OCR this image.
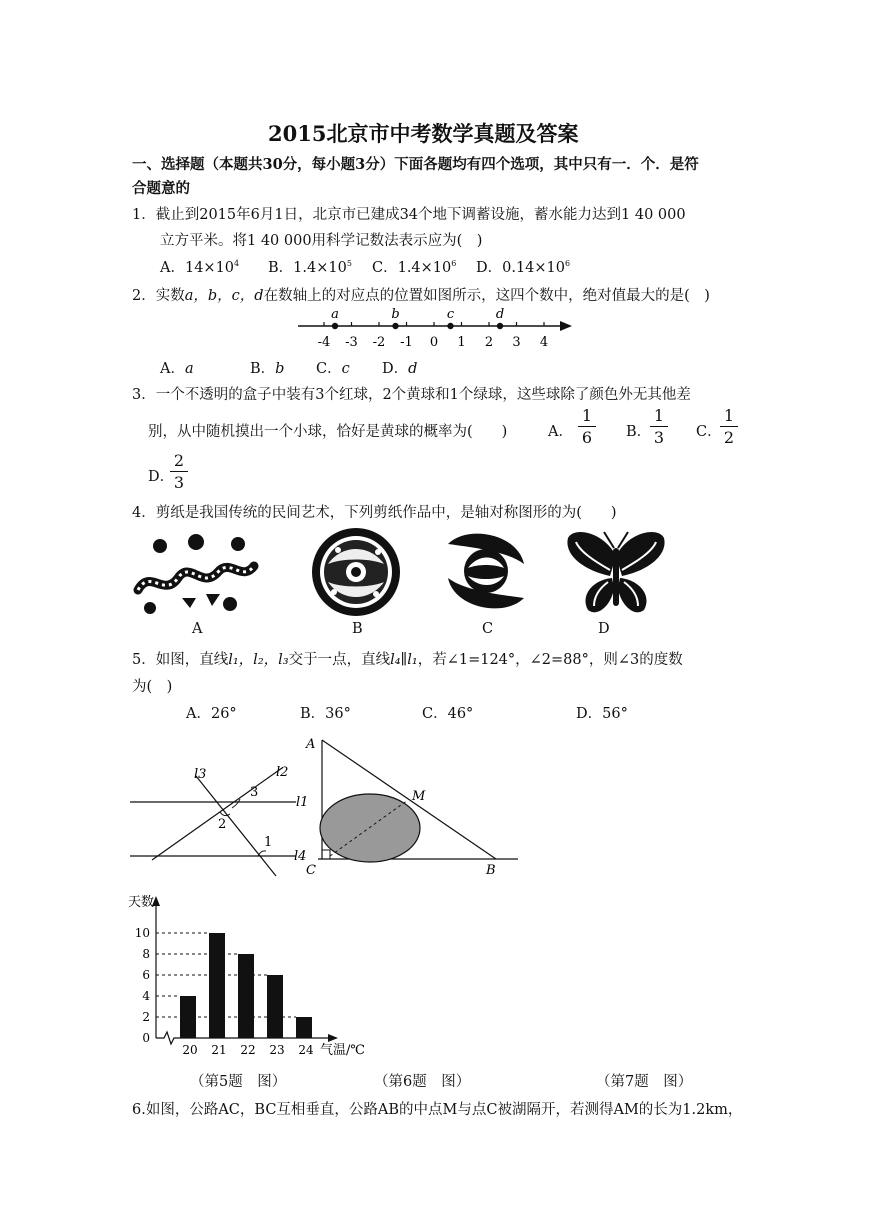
2015北京市中考数学真题及答案
一、选择题（本题共30分，每小题3分）下面各题均有四个选项，其中只有一．个．是符
合题意的
1．截止到2015年6月1日，北京市已建成34个地下调蓄设施，蓄水能力达到1 40 000
立方平米。将1 40 000用科学记数法表示应为(　)
A．$14\times 10^4$ B．$1.4\times 10^5$ C．$1.4\times 10^6$ D．$0.14\times 10^6$
2．实数a，b，c，d在数轴上的对应点的位置如图所示，这四个数中，绝对值最大的是(　)
-4 -3 -2 -1 0 1 2 3 4
a	b	c	d
A．a	B．b C．c D．d
3．一个不透明的盒子中装有3个红球，2个黄球和1个绿球，这些球除了颜色外无其他差
别，从中随机摸出一个小球，恰好是黄球的概率为(　　)	A． $\frac{1}{6}$ B．
$\frac{1}{3}$ C．
$\frac{1}{2}$
D．
$\frac{2}{3}$
4．剪纸是我国传统的民间艺术，下列剪纸作品中，是轴对称图形的为(　　)
A	B	C	D
5．如图，直线l₁，l₂，l₃交于一点，直线l₄∥l₁，若∠1=124°，∠2=88°，则∠3的度数
为(　)
A．26°	B．36°	C．46°	D．56°
l3	l2
l1
l4
3
2
1
A
M
C	B
天数
气温/℃
0
2
4
6
8
10
20 21 22 23 24
（第5题　图）	（第6题　图）	（第7题　图）
6.如图，公路AC，BC互相垂直，公路AB的中点M与点C被湖隔开，若测得AM的长为1.2km，
